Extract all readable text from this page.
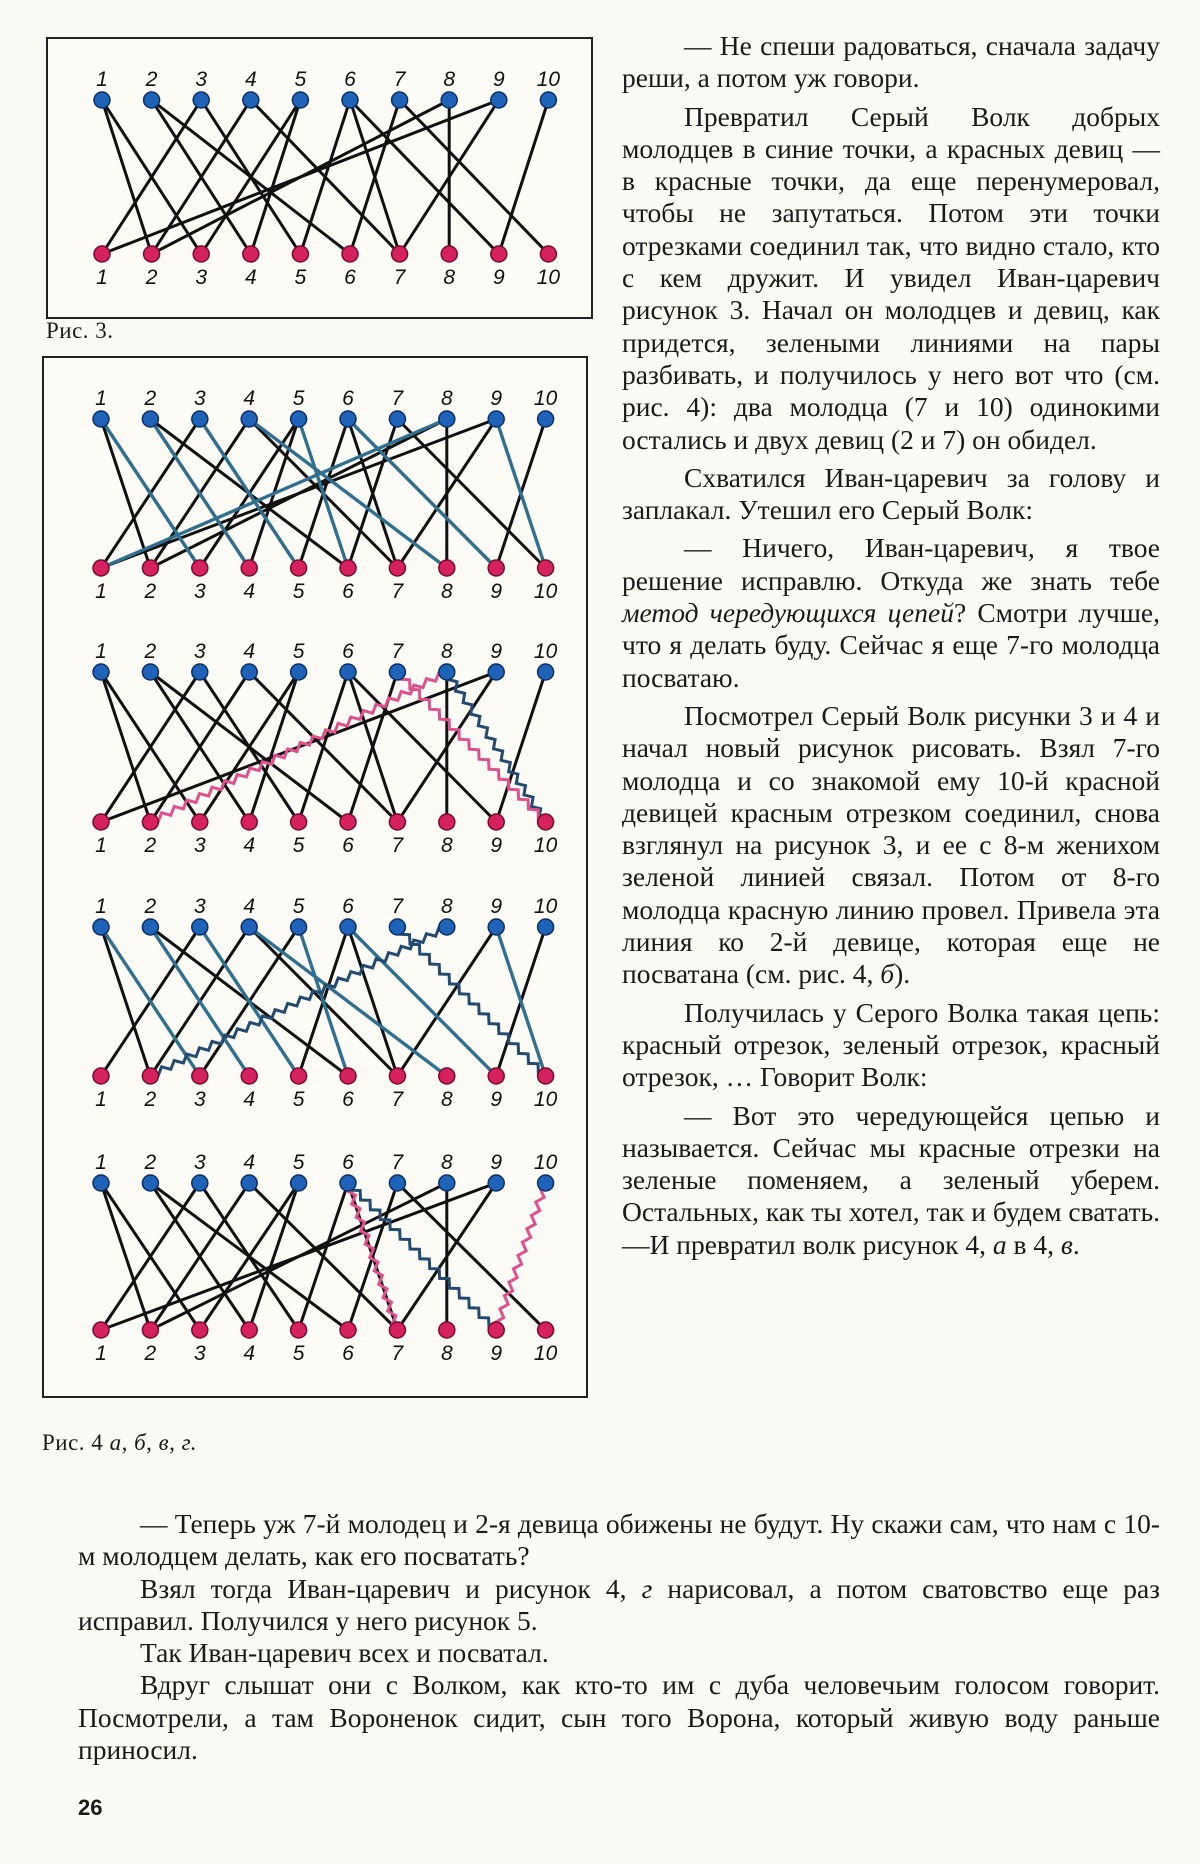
1 2 3 4 5 6 7 8 9 10
1 2 3 4 5 6 7 8 9 10
Рис. 3.
1 2 3 4 5 6 7 8 9 10
1 2 3 4 5 6 7 8 9 10
1 2 3 4 5 6 7 8 9 10
1 2 3 4 5 6 7 8 9 10
1 2 3 4 5 6 7 8 9 10
1 2 3 4 5 6 7 8 9 10
1 2 3 4 5 6 7 8 9 10
1 2 3 4 5 6 7 8 9 10
Рис. 4 а, б, в, г.

— Не спеши радоваться, сначала задачу реши, а потом уж говори.

Превратил Серый Волк добрых молодцев в синие точки, а красных девиц — в красные точки, да еще перенумеровал, чтобы не запутаться. Потом эти точки отрезками соединил так, что видно стало, кто с кем дружит. И увидел Иван-царевич рисунок 3. Начал он молодцев и девиц, как придется, зелеными линиями на пары разбивать, и получилось у него вот что (см. рис. 4): два молодца (7 и 10) одинокими остались и двух девиц (2 и 7) он обидел.

Схватился Иван-царевич за голову и заплакал. Утешил его Серый Волк:

— Ничего, Иван-царевич, я твое решение исправлю. Откуда же знать тебе метод чередующихся цепей? Смотри лучше, что я делать буду. Сейчас я еще 7-го молодца посватаю.

Посмотрел Серый Волк рисунки 3 и 4 и начал новый рисунок рисовать. Взял 7-го молодца и со знакомой ему 10-й красной девицей красным отрезком соединил, снова взглянул на рисунок 3, и ее с 8-м женихом зеленой линией связал. Потом от 8-го молодца красную линию провел. Привела эта линия ко 2-й девице, которая еще не посватана (см. рис. 4, б).

Получилась у Серого Волка такая цепь: красный отрезок, зеленый отрезок, красный отрезок, … Говорит Волк:

— Вот это чередующейся цепью и называется. Сейчас мы красные отрезки на зеленые поменяем, а зеленый уберем. Остальных, как ты хотел, так и будем сватать. —И превратил волк рисунок 4, а в 4, в.

— Теперь уж 7-й молодец и 2-я девица обижены не будут. Ну скажи сам, что нам с 10-м молодцем делать, как его посватать?

Взял тогда Иван-царевич и рисунок 4, г нарисовал, а потом сватовство еще раз исправил. Получился у него рисунок 5.

Так Иван-царевич всех и посватал.

Вдруг слышат они с Волком, как кто-то им с дуба человечьим голосом говорит. Посмотрели, а там Вороненок сидит, сын того Ворона, который живую воду раньше приносил.

26
